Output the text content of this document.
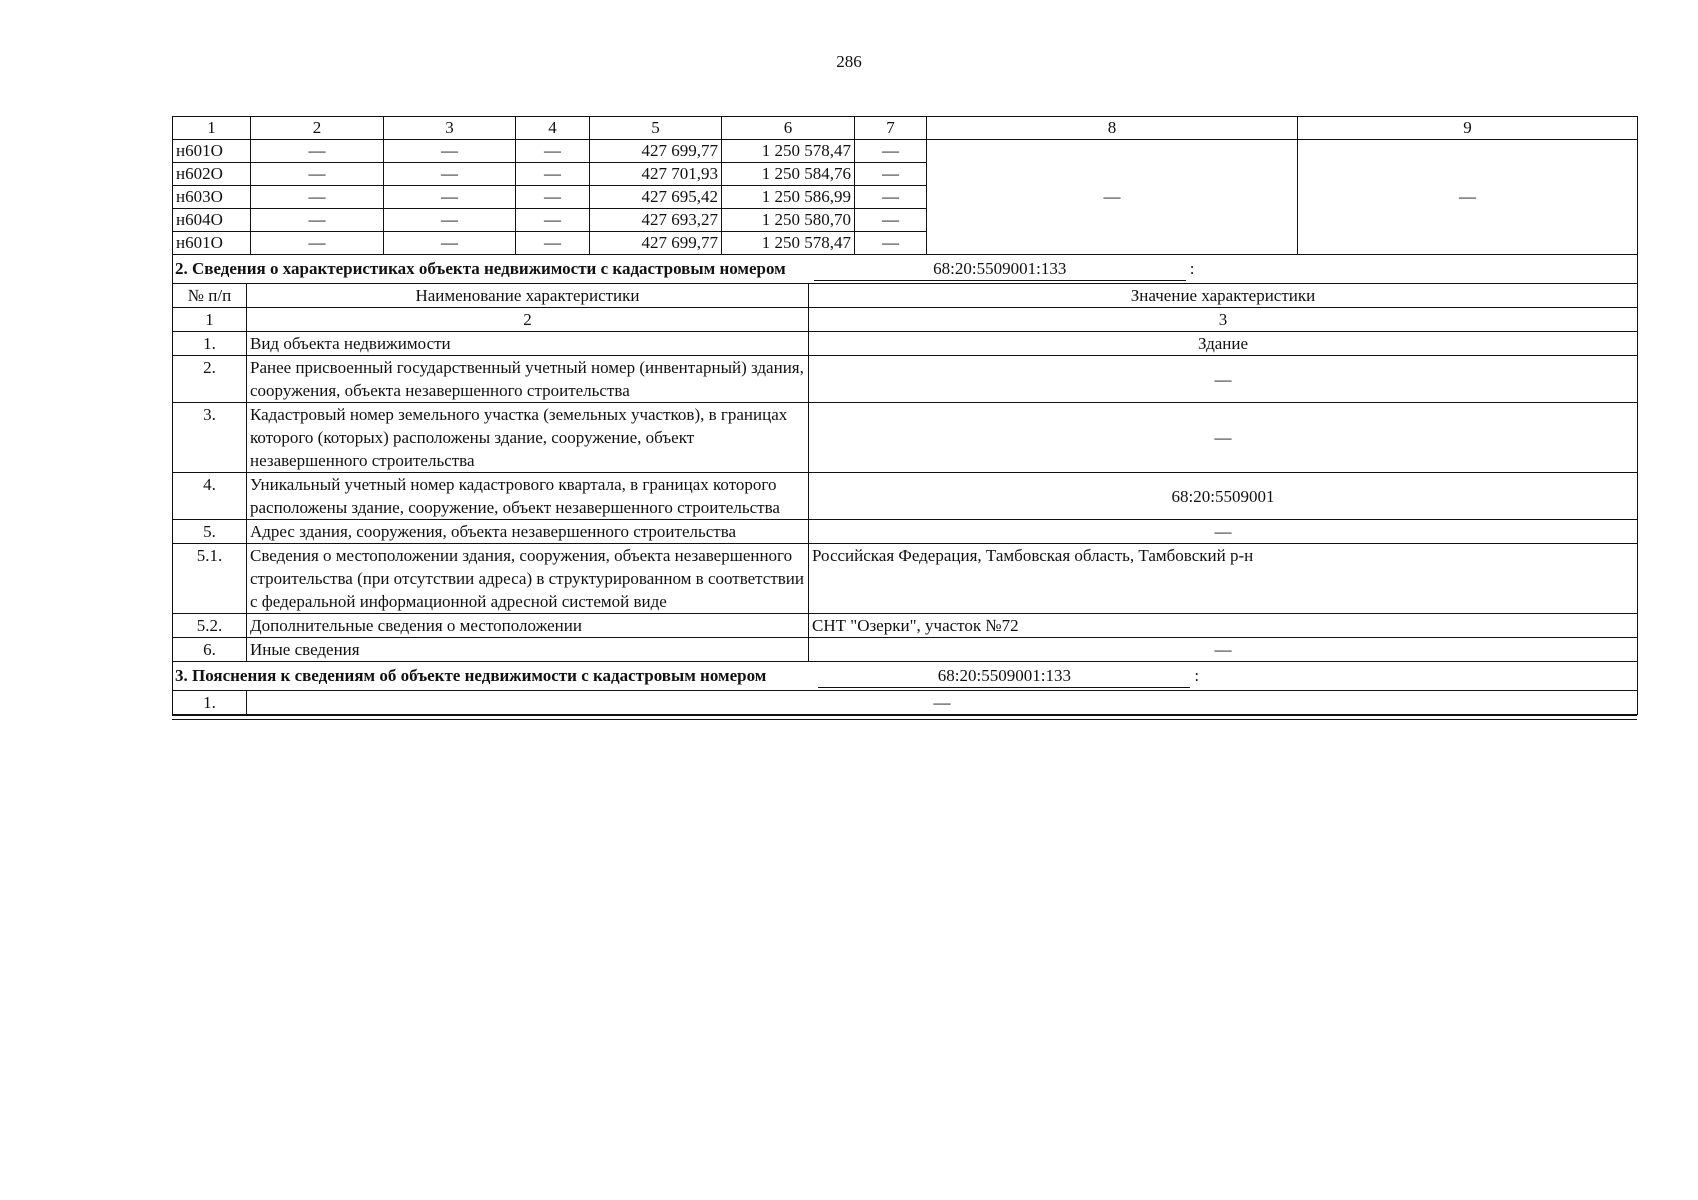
286
1	2	3	4	5	6	7	8	9
н601O	—	—	—	427 699,77	1 250 578,47	—	—	—
н602O	—	—	—	427 701,93	1 250 584,76	—		
н603O	—	—	—	427 695,42	1 250 586,99	—		
н604O	—	—	—	427 693,27	1 250 580,70	—		
н601O	—	—	—	427 699,77	1 250 578,47	—		
2. Сведения о характеристиках объекта недвижимости с кадастровым номером 68:20:5509001:133 :		
№ п/п	Наименование характеристики	Значение характеристики
1	2	3
1.	Вид объекта недвижимости	Здание
2.	Ранее присвоенный государственный учетный номер (инвентарный) здания, сооружения, объекта незавершенного строительства	—
3.	Кадастровый номер земельного участка (земельных участков), в границах которого (которых) расположены здание, сооружение, объект незавершенного строительства	—
4.	Уникальный учетный номер кадастрового квартала, в границах которого расположены здание, сооружение, объект незавершенного строительства	68:20:5509001
5.	Адрес здания, сооружения, объекта незавершенного строительства	—
5.1.	Сведения о местоположении здания, сооружения, объекта незавершенного строительства (при отсутствии адреса) в структурированном в соответствии с федеральной информационной адресной системой виде	Российская Федерация, Тамбовская область, Тамбовский р-н
5.2.	Дополнительные сведения о местоположении	СНТ "Озерки", участок №72
6.	Иные сведения	—
3. Пояснения к сведениям об объекте недвижимости с кадастровым номером 68:20:5509001:133 :		
1.	—	
